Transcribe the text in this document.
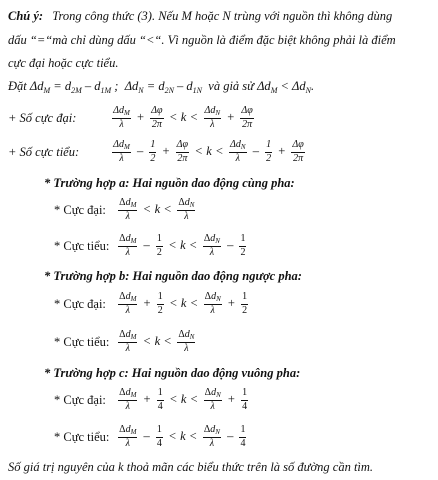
Chú ý: Trong công thức (3). Nếu M hoặc N trùng với nguồn thì không dùng
dấu “=“mà chỉ dùng dấu “<“. Vì nguồn là điểm đặc biệt không phải là điểm
cực đại hoặc cực tiểu.
Đặt $\Delta d_M = d_{2M} - d_{1M}$ ;  $\Delta d_N = d_{2N} - d_{1N}$ và giả sử $\Delta d_M < \Delta d_N$.
+ Số cực đại:	$\frac{\Delta d_M}{\lambda} + \frac{\Delta\varphi}{2\pi} < k < \frac{\Delta d_N}{\lambda} + \frac{\Delta\varphi}{2\pi}$
+ Số cực tiểu:	$\frac{\Delta d_M}{\lambda} - \frac{1}{2} + \frac{\Delta\varphi}{2\pi} < k < \frac{\Delta d_N}{\lambda} - \frac{1}{2} + \frac{\Delta\varphi}{2\pi}$
* Trường hợp a: Hai nguồn dao động cùng pha:
* Cực đại: $\frac{\Delta d_M}{\lambda} < k < \frac{\Delta d_N}{\lambda}$
* Cực tiểu: $\frac{\Delta d_M}{\lambda} - \frac{1}{2} < k < \frac{\Delta d_N}{\lambda} - \frac{1}{2}$
* Trường hợp b: Hai nguồn dao động ngược pha:
* Cực đại: $\frac{\Delta d_M}{\lambda} + \frac{1}{2} < k < \frac{\Delta d_N}{\lambda} + \frac{1}{2}$
* Cực tiểu: $\frac{\Delta d_M}{\lambda} < k < \frac{\Delta d_N}{\lambda}$
* Trường hợp c: Hai nguồn dao động vuông pha:
* Cực đại: $\frac{\Delta d_M}{\lambda} + \frac{1}{4} < k < \frac{\Delta d_N}{\lambda} + \frac{1}{4}$
* Cực tiểu: $\frac{\Delta d_M}{\lambda} - \frac{1}{4} < k < \frac{\Delta d_N}{\lambda} - \frac{1}{4}$
Số giá trị nguyên của k thoả mãn các biểu thức trên là số đường cần tìm.
